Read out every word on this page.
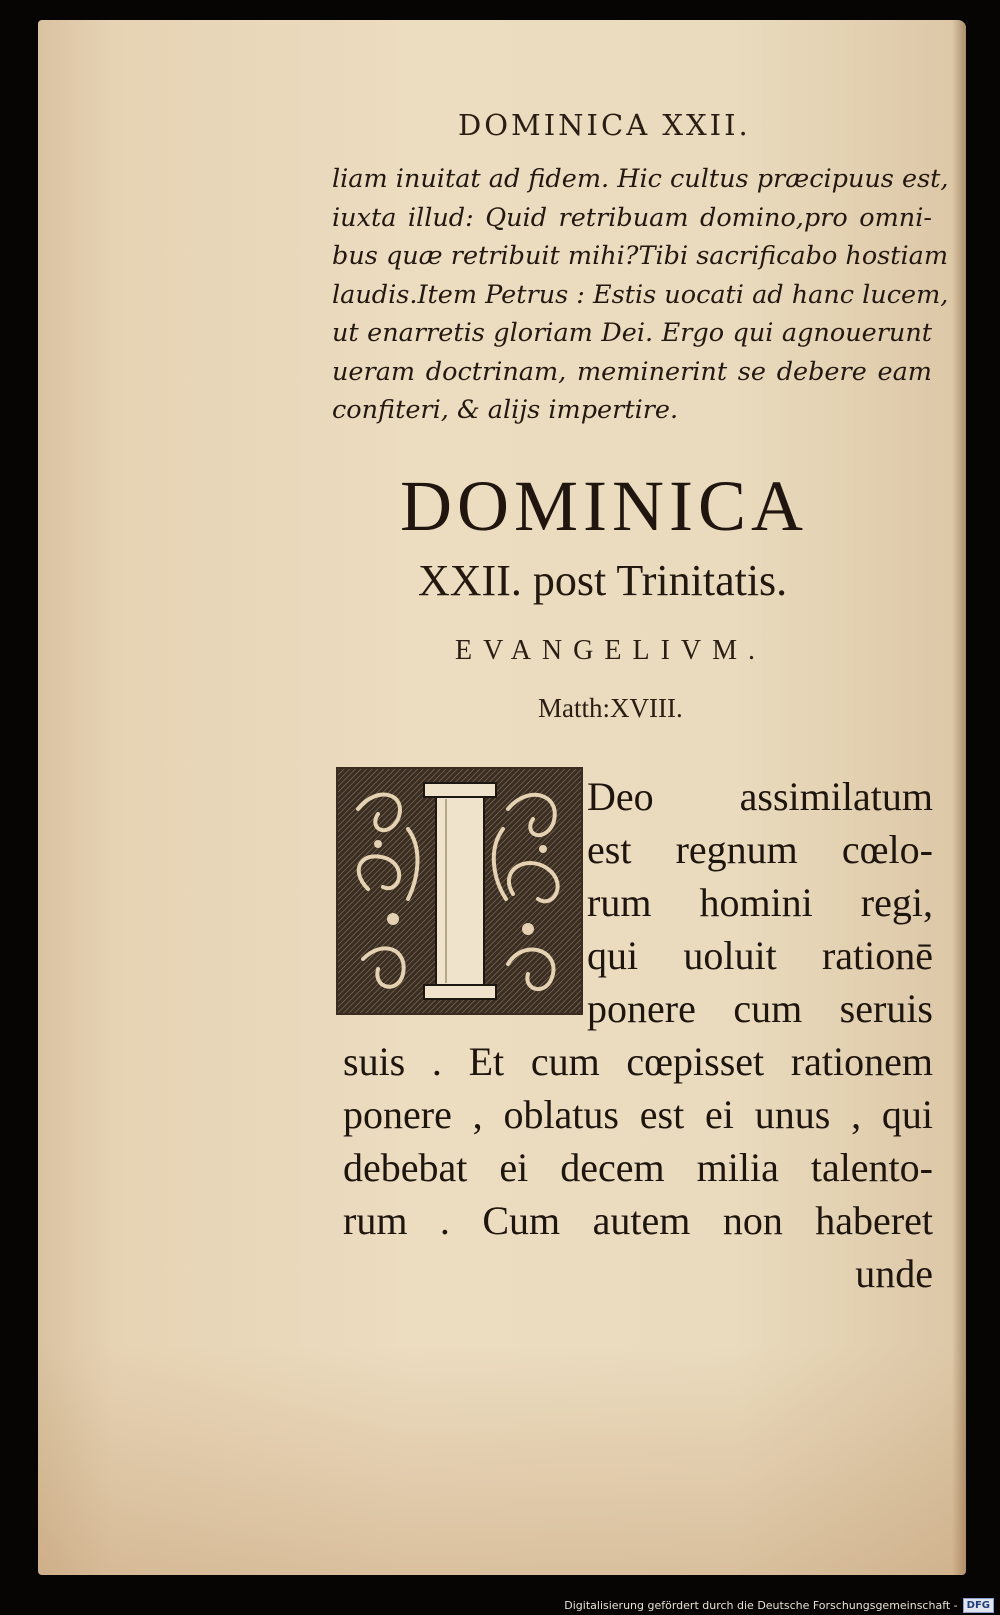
DOMINICA XXII.
liam inuitat ad fidem. Hic cultus præcipuus est,
iuxta illud: Quid retribuam domino,pro omni-
bus quæ retribuit mihi?Tibi sacrificabo hostiam
laudis.Item Petrus : Estis uocati ad hanc lucem,
ut enarretis gloriam Dei. Ergo qui agnouerunt
ueram doctrinam, meminerint se debere eam
confiteri, & alijs impertire.
DOMINICA
XXII. post Trinitatis.
EVANGELIVM.
Matth:XVIII.
Deo assimilatum
est regnum cœlo-
rum homini regi,
qui uoluit rationē
ponere cum seruis
suis . Et cum cœpisset rationem
ponere , oblatus est ei unus , qui
debebat ei decem milia talento-
rum . Cum autem non haberet
unde
Digitalisierung gefördert durch die Deutsche Forschungsgemeinschaft - DFG
